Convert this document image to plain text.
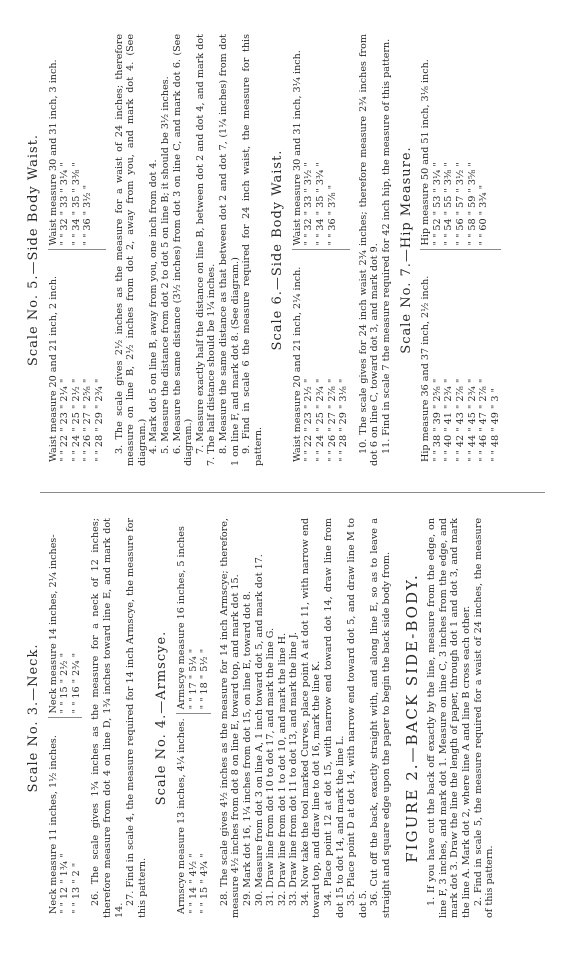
Scale No. 3.—Neck.
Neck measure 11 inches, 1½ inches. " " 12 " 1¾ " " " 13 " 2 "
Neck measure 14 inches, 2¼ inches- " " 15 " 2½ " " " 16 " 2¾ " 26. The scale gives 1¾ inches as the measure for a neck of 12 inches; therefore measure from dot 4 on line D, 1¾ inches toward line E, and mark dot 14.

27. Find in scale 4, the measure required for 14 inch Armscye, the measure for this pattern.

Scale No. 4.—Armscye.
Armscye measure 13 inches, 4¼ inches. " " 14 " 4½ " " " 15 " 4¾ "
Armscye measure 16 inches, 5 inches " " 17 " 5¼ " " " 18 " 5½ " 28. The scale gives 4½ inches as the measure for 14 inch Armscye; therefore, measure 4½ inches from dot 8 on line E, toward top, and mark dot 15. 29. Mark dot 16, 1¼ inches from dot 15, on line E, toward dot 8. 30. Measure from dot 3 on line A, 1 inch toward dot 5, and mark dot 17. 31. Draw line from dot 10 to dot 17, and mark the line G. 32. Draw line from dot 1 to dot 10, and mark the line H. 33. Draw line from dot 11 to dot 13, and mark the line J. 34. Now take the tool marked Curves, place point A at dot 11, with narrow end toward top, and draw line to dot 16, mark the line K. 34. Place point 12 at dot 15, with narrow end toward dot 14, draw line from dot 15 to dot 14, and mark the line L. 35. Place point D at dot 14, with narrow end toward dot 5, and draw line M to dot 5. 36. Cut off the back, exactly straight with, and along line E, so as to leave a straight and square edge upon the paper to begin the back side body from. FIGURE 2.—BACK SIDE-BODY. 1. If you have cut the back off exactly by the line, measure from the edge, on line F, 3 inches, and mark dot 1. Measure on line C, 3 inches from the edge, and mark dot 3. Draw the line the length of paper, through dot 1 and dot 3, and mark the line A. Mark dot 2, where line A and line B cross each other. 2. Find in scale 5, the measure required for a waist of 24 inches, the measure of this pattern.

Scale No. 5.—Side Body Waist.
Waist measure 20 and 21 inch, 2 inch. " " 22 " 23 " 2¼ " " " 24 " 25 " 2½ " " " 26 " 27 " 2⅝ " " " 28 " 29 " 2¾ "
Waist measure 30 and 31 inch, 3 inch. " " 32 " 33 " 3¼ " " " 34 " 35 " 3⅜ " " " 36 " 3½ " 3. The scale gives 2½ inches as the measure for a waist of 24 inches; therefore measure on line B, 2½ inches from dot 2, away from you, and mark dot 4. (See diagram.) 4. Mark dot 5 on line B, away from you, one inch from dot 4. 5. Measure the distance from dot 2 to dot 5 on line B; it should be 3½ inches. 6. Measure the same distance (3½ inches) from dot 3 on line C, and mark dot 6. (See diagram.) 7. Measure exactly half the distance on line B, between dot 2 and dot 4, and mark dot 7. The half distance should be 1¼ inches. 8. Measure the same distance as that between dot 2 and dot 7, (1¼ inches) from dot 1 on line F, and mark dot 8. (See diagram.) 9. Find in scale 6 the measure required for 24 inch waist, the measure for this pattern.

Scale 6.—Side Body Waist.
Waist measure 20 and 21 inch, 2¼ inch. " " 22 " 23 " 2½ " " " 24 " 25 " 2¾ " " " 26 " 27 " 2⅞ " " " 28 " 29 " 3⅛ "
Waist measure 30 and 31 inch, 3¼ inch. " " 32 " 33 " 3½ " " " 34 " 35 " 3¾ " " " 36 " 3⅞ " 10. The scale gives for 24 inch waist 2¾ inches; therefore measure 2¾ inches from dot 6 on line C, toward dot 3, and mark dot 9. 11. Find in scale 7 the measure required for 42 inch hip, the measure of this pattern. Scale No. 7.—Hip Measure.
Hip measure 36 and 37 inch, 2½ inch. " " 38 " 39 " 2⅝ " " " 40 " 41 " 2¾ " " " 42 " 43 " 2⅞ " " " 44 " 45 " 2¾ " " " 46 " 47 " 2⅞ " " " 48 " 49 " 3 "
Hip measure 50 and 51 inch, 3⅛ inch. " " 52 " 53 " 3¼ " " " 54 " 55 " 3⅜ " " " 56 " 57 " 3½ " " " 58 " 59 " 3⅝ " " " 60 " 3¾ "
